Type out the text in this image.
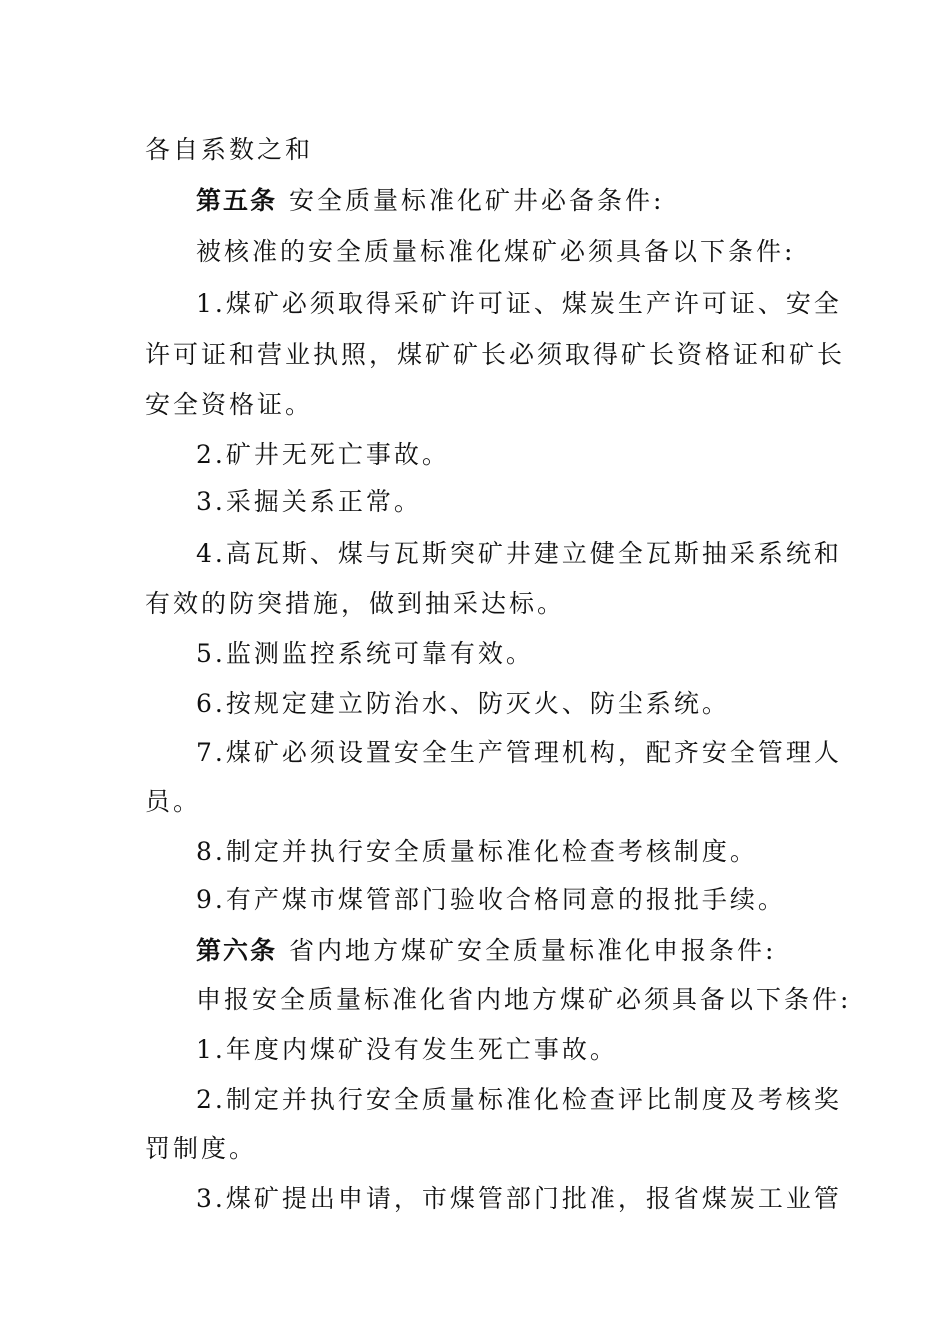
各自系数之和
第五条 安全质量标准化矿井必备条件:
被核准的安全质量标准化煤矿必须具备以下条件:
1.煤矿必须取得采矿许可证、煤炭生产许可证、安全
许可证和营业执照，煤矿矿长必须取得矿长资格证和矿长
安全资格证。
2.矿井无死亡事故。
3.采掘关系正常。
4.高瓦斯、煤与瓦斯突矿井建立健全瓦斯抽采系统和
有效的防突措施，做到抽采达标。
5.监测监控系统可靠有效。
6.按规定建立防治水、防灭火、防尘系统。
7.煤矿必须设置安全生产管理机构，配齐安全管理人
员。
8.制定并执行安全质量标准化检查考核制度。
9.有产煤市煤管部门验收合格同意的报批手续。
第六条 省内地方煤矿安全质量标准化申报条件:
申报安全质量标准化省内地方煤矿必须具备以下条件:
1.年度内煤矿没有发生死亡事故。
2.制定并执行安全质量标准化检查评比制度及考核奖
罚制度。
3.煤矿提出申请，市煤管部门批准，报省煤炭工业管
